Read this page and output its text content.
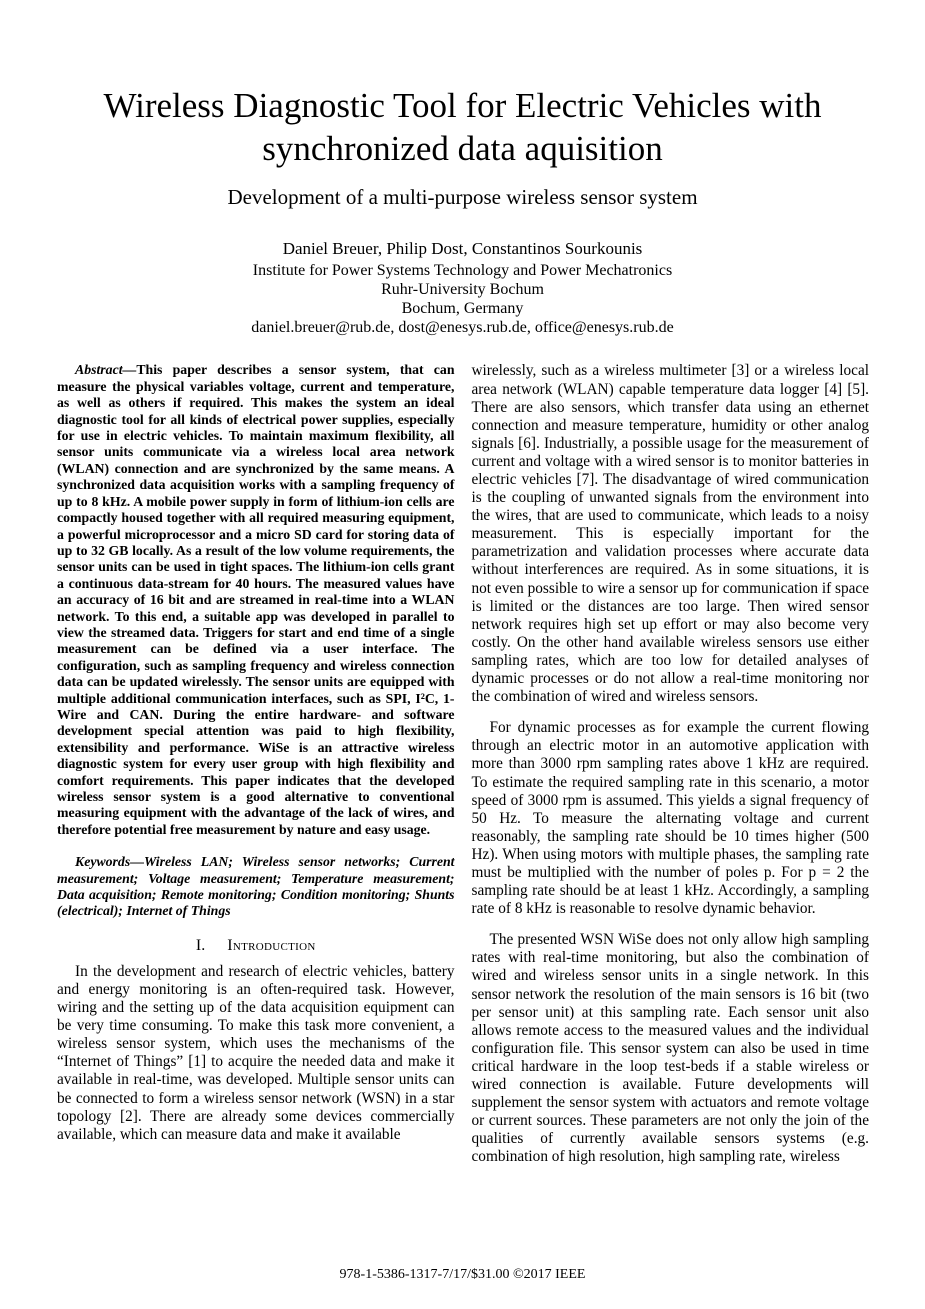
Wireless Diagnostic Tool for Electric Vehicles with synchronized data aquisition
Development of a multi-purpose wireless sensor system
Daniel Breuer, Philip Dost, Constantinos Sourkounis
Institute for Power Systems Technology and Power Mechatronics
Ruhr-University Bochum
Bochum, Germany
daniel.breuer@rub.de, dost@enesys.rub.de, office@enesys.rub.de

Abstract—This paper describes a sensor system, that can measure the physical variables voltage, current and temperature, as well as others if required. This makes the system an ideal diagnostic tool for all kinds of electrical power supplies, especially for use in electric vehicles. To maintain maximum flexibility, all sensor units communicate via a wireless local area network (WLAN) connection and are synchronized by the same means. A synchronized data acquisition works with a sampling frequency of up to 8 kHz. A mobile power supply in form of lithium-ion cells are compactly housed together with all required measuring equipment, a powerful microprocessor and a micro SD card for storing data of up to 32 GB locally. As a result of the low volume requirements, the sensor units can be used in tight spaces. The lithium-ion cells grant a continuous data-stream for 40 hours. The measured values have an accuracy of 16 bit and are streamed in real-time into a WLAN network. To this end, a suitable app was developed in parallel to view the streamed data. Triggers for start and end time of a single measurement can be defined via a user interface. The configuration, such as sampling frequency and wireless connection data can be updated wirelessly. The sensor units are equipped with multiple additional communication interfaces, such as SPI, I²C, 1-Wire and CAN. During the entire hardware- and software development special attention was paid to high flexibility, extensibility and performance. WiSe is an attractive wireless diagnostic system for every user group with high flexibility and comfort requirements. This paper indicates that the developed wireless sensor system is a good alternative to conventional measuring equipment with the advantage of the lack of wires, and therefore potential free measurement by nature and easy usage.

Keywords—Wireless LAN; Wireless sensor networks; Current measurement; Voltage measurement; Temperature measurement; Data acquisition; Remote monitoring; Condition monitoring; Shunts (electrical); Internet of Things

I. Introduction

In the development and research of electric vehicles, battery and energy monitoring is an often-required task. However, wiring and the setting up of the data acquisition equipment can be very time consuming. To make this task more convenient, a wireless sensor system, which uses the mechanisms of the “Internet of Things” [1] to acquire the needed data and make it available in real-time, was developed. Multiple sensor units can be connected to form a wireless sensor network (WSN) in a star topology [2]. There are already some devices commercially available, which can measure data and make it available

wirelessly, such as a wireless multimeter [3] or a wireless local area network (WLAN) capable temperature data logger [4] [5]. There are also sensors, which transfer data using an ethernet connection and measure temperature, humidity or other analog signals [6]. Industrially, a possible usage for the measurement of current and voltage with a wired sensor is to monitor batteries in electric vehicles [7]. The disadvantage of wired communication is the coupling of unwanted signals from the environment into the wires, that are used to communicate, which leads to a noisy measurement. This is especially important for the parametrization and validation processes where accurate data without interferences are required. As in some situations, it is not even possible to wire a sensor up for communication if space is limited or the distances are too large. Then wired sensor network requires high set up effort or may also become very costly. On the other hand available wireless sensors use either sampling rates, which are too low for detailed analyses of dynamic processes or do not allow a real-time monitoring nor the combination of wired and wireless sensors.

For dynamic processes as for example the current flowing through an electric motor in an automotive application with more than 3000 rpm sampling rates above 1 kHz are required. To estimate the required sampling rate in this scenario, a motor speed of 3000 rpm is assumed. This yields a signal frequency of 50 Hz. To measure the alternating voltage and current reasonably, the sampling rate should be 10 times higher (500 Hz). When using motors with multiple phases, the sampling rate must be multiplied with the number of poles p. For p = 2 the sampling rate should be at least 1 kHz. Accordingly, a sampling rate of 8 kHz is reasonable to resolve dynamic behavior.

The presented WSN WiSe does not only allow high sampling rates with real-time monitoring, but also the combination of wired and wireless sensor units in a single network. In this sensor network the resolution of the main sensors is 16 bit (two per sensor unit) at this sampling rate. Each sensor unit also allows remote access to the measured values and the individual configuration file. This sensor system can also be used in time critical hardware in the loop test-beds if a stable wireless or wired connection is available. Future developments will supplement the sensor system with actuators and remote voltage or current sources. These parameters are not only the join of the qualities of currently available sensors systems (e.g. combination of high resolution, high sampling rate, wireless

978-1-5386-1317-7/17/$31.00 ©2017 IEEE
